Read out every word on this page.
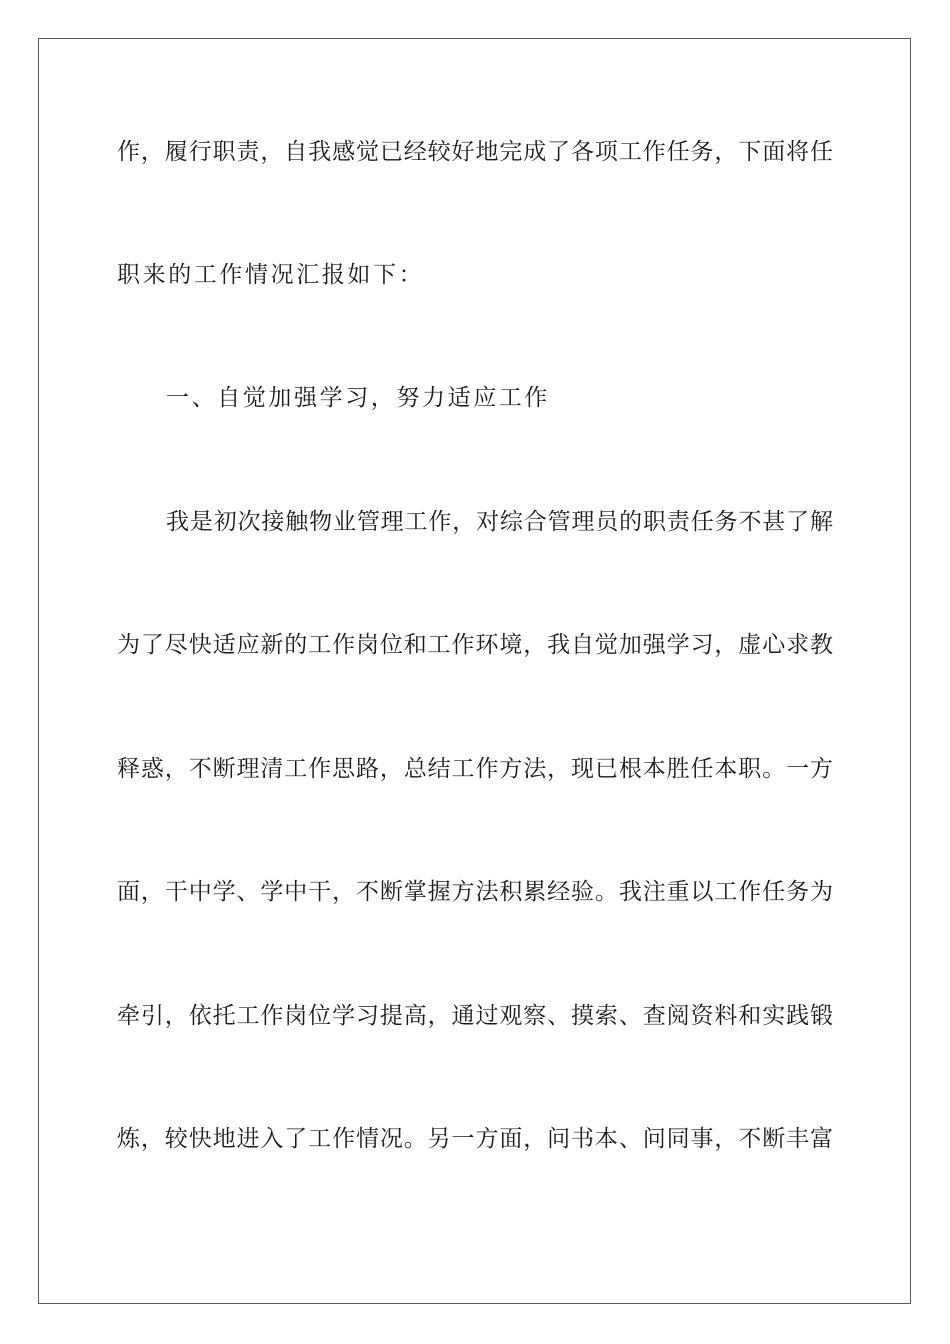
作，履行职责，自我感觉已经较好地完成了各项工作任务，下面将任
职来的工作情况汇报如下：
一、自觉加强学习，努力适应工作
我是初次接触物业管理工作，对综合管理员的职责任务不甚了解
为了尽快适应新的工作岗位和工作环境，我自觉加强学习，虚心求教
释惑，不断理清工作思路，总结工作方法，现已根本胜任本职。一方
面，干中学、学中干，不断掌握方法积累经验。我注重以工作任务为
牵引，依托工作岗位学习提高，通过观察、摸索、查阅资料和实践锻
炼，较快地进入了工作情况。另一方面，问书本、问同事，不断丰富
